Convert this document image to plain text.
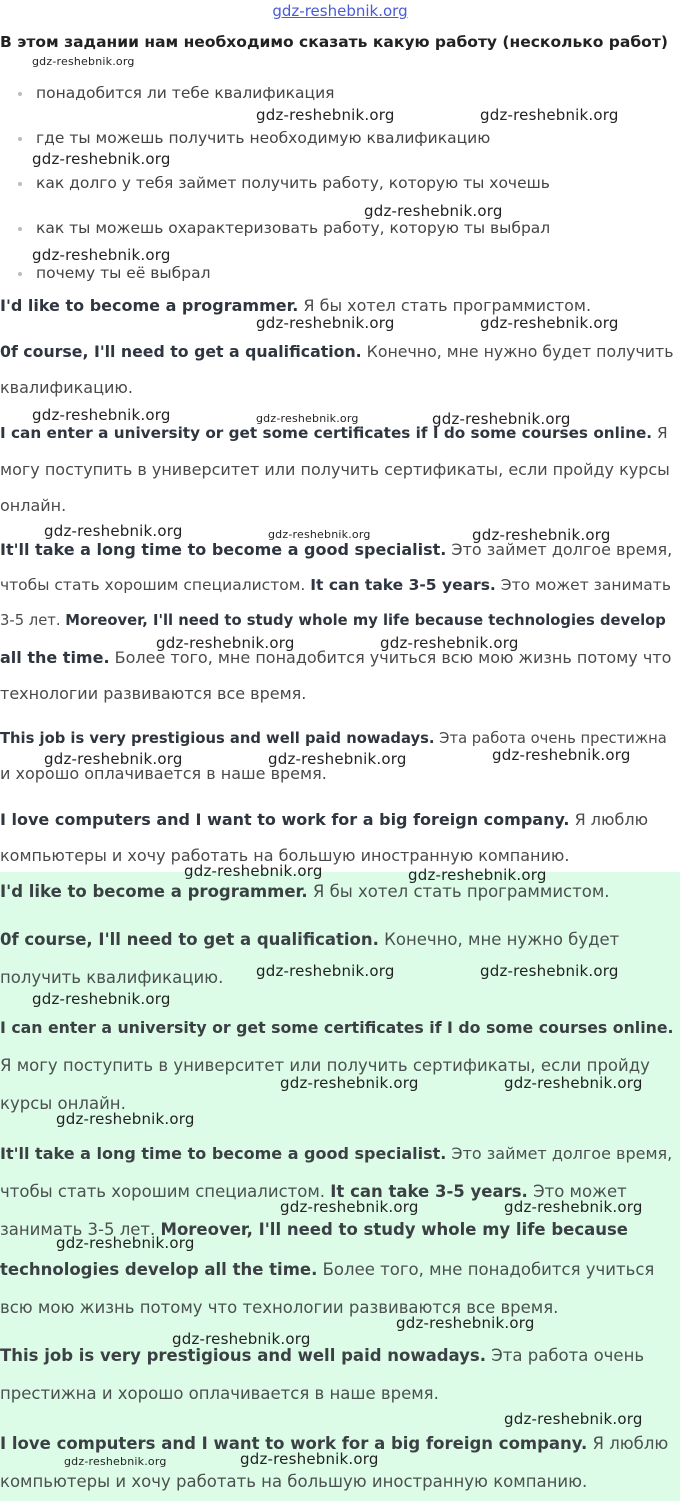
gdz-reshebnik.org
В этом задании нам необходимо сказать какую работу (несколько работ)
понадобится ли тебе квалификация
где ты можешь получить необходимую квалификацию
как долго у тебя займет получить работу, которую ты хочешь
как ты можешь охарактеризовать работу, которую ты выбрал
почему ты её выбрал
I'd like to become a programmer. Я бы хотел стать программистом.
0f course, I'll need to get a qualification. Конечно, мне нужно будет получить
квалификацию.
I can enter a university or get some certificates if I do some courses online. Я
могу поступить в университет или получить сертификаты, если пройду курсы
онлайн.
It'll take a long time to become a good specialist. Это займет долгое время,
чтобы стать хорошим специалистом. It can take 3-5 years. Это может занимать
3-5 лет. Moreover, I'll need to study whole my life because technologies develop
all the time. Более того, мне понадобится учиться всю мою жизнь потому что
технологии развиваются все время.
This job is very prestigious and well paid nowadays. Эта работа очень престижна
и хорошо оплачивается в наше время.
I love computers and I want to work for a big foreign company. Я люблю
компьютеры и хочу работать на большую иностранную компанию.
I'd like to become a programmer. Я бы хотел стать программистом.
0f course, I'll need to get a qualification. Конечно, мне нужно будет
получить квалификацию.
I can enter a university or get some certificates if I do some courses online.
Я могу поступить в университет или получить сертификаты, если пройду
курсы онлайн.
It'll take a long time to become a good specialist. Это займет долгое время,
чтобы стать хорошим специалистом. It can take 3-5 years. Это может
занимать 3-5 лет. Moreover, I'll need to study whole my life because
technologies develop all the time. Более того, мне понадобится учиться
всю мою жизнь потому что технологии развиваются все время.
This job is very prestigious and well paid nowadays. Эта работа очень
престижна и хорошо оплачивается в наше время.
I love computers and I want to work for a big foreign company. Я люблю
компьютеры и хочу работать на большую иностранную компанию.
gdz-reshebnik.org
gdz-reshebnik.org	gdz-reshebnik.org
gdz-reshebnik.org
gdz-reshebnik.org
gdz-reshebnik.org
gdz-reshebnik.org	gdz-reshebnik.org
gdz-reshebnik.org	gdz-reshebnik.org	gdz-reshebnik.org
gdz-reshebnik.org	gdz-reshebnik.org	gdz-reshebnik.org
gdz-reshebnik.org	gdz-reshebnik.org
gdz-reshebnik.org	gdz-reshebnik.org	gdz-reshebnik.org
gdz-reshebnik.org	gdz-reshebnik.org
gdz-reshebnik.org	gdz-reshebnik.org
gdz-reshebnik.org
gdz-reshebnik.org	gdz-reshebnik.org
gdz-reshebnik.org
gdz-reshebnik.org	gdz-reshebnik.org
gdz-reshebnik.org
gdz-reshebnik.org
gdz-reshebnik.org
gdz-reshebnik.org
gdz-reshebnik.org	gdz-reshebnik.org
